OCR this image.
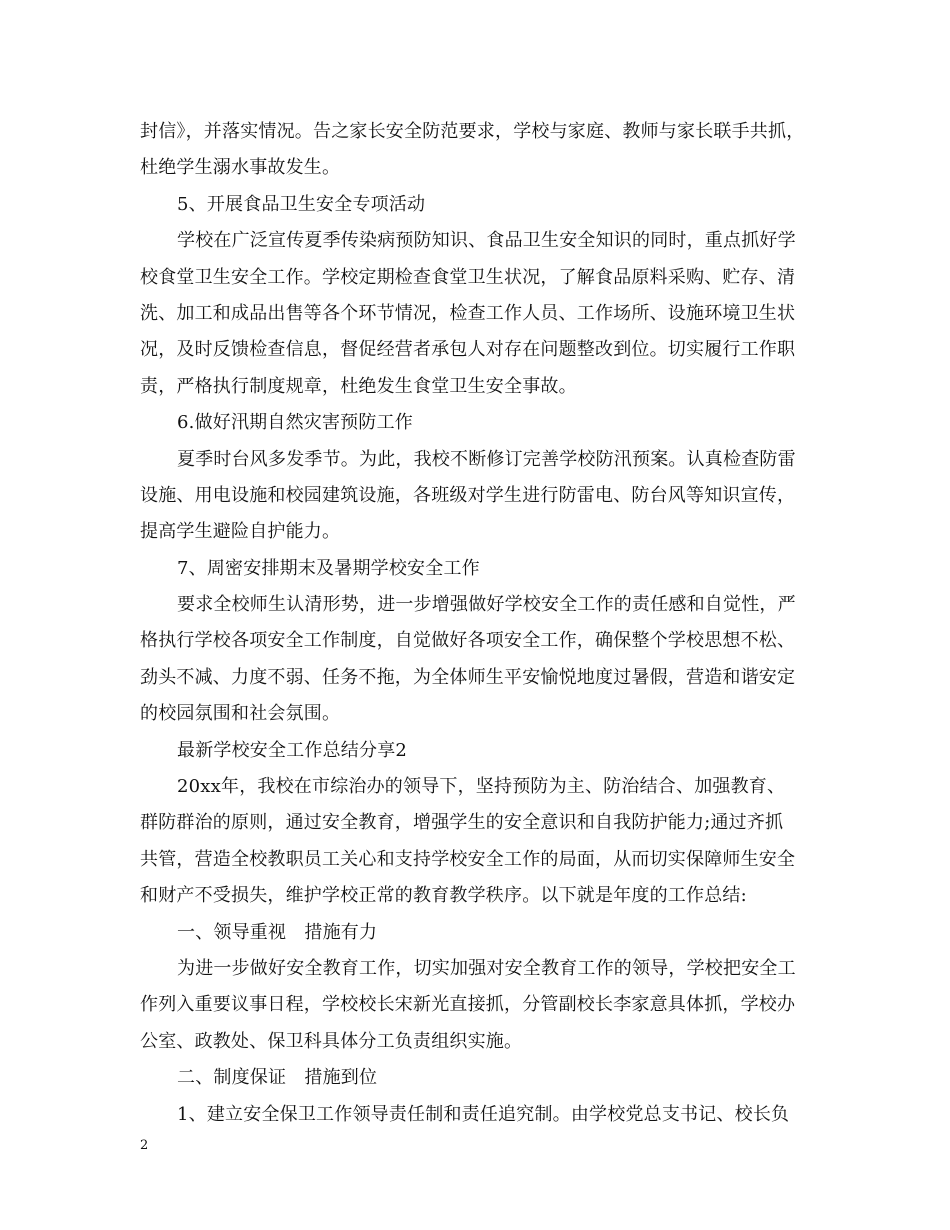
封信》，并落实情况。告之家长安全防范要求，学校与家庭、教师与家长联手共抓，
杜绝学生溺水事故发生。
5、开展食品卫生安全专项活动
学校在广泛宣传夏季传染病预防知识、食品卫生安全知识的同时，重点抓好学
校食堂卫生安全工作。学校定期检查食堂卫生状况，了解食品原料采购、贮存、清
洗、加工和成品出售等各个环节情况，检查工作人员、工作场所、设施环境卫生状
况，及时反馈检查信息，督促经营者承包人对存在问题整改到位。切实履行工作职
责，严格执行制度规章，杜绝发生食堂卫生安全事故。
6.做好汛期自然灾害预防工作
夏季时台风多发季节。为此，我校不断修订完善学校防汛预案。认真检查防雷
设施、用电设施和校园建筑设施，各班级对学生进行防雷电、防台风等知识宣传，
提高学生避险自护能力。
7、周密安排期末及暑期学校安全工作
要求全校师生认清形势，进一步增强做好学校安全工作的责任感和自觉性，严
格执行学校各项安全工作制度，自觉做好各项安全工作，确保整个学校思想不松、
劲头不减、力度不弱、任务不拖，为全体师生平安愉悦地度过暑假，营造和谐安定
的校园氛围和社会氛围。
最新学校安全工作总结分享2
20xx年，我校在市综治办的领导下，坚持预防为主、防治结合、加强教育、
群防群治的原则，通过安全教育，增强学生的安全意识和自我防护能力;通过齐抓
共管，营造全校教职员工关心和支持学校安全工作的局面，从而切实保障师生安全
和财产不受损失，维护学校正常的教育教学秩序。以下就是年度的工作总结:
一、领导重视　措施有力
为进一步做好安全教育工作，切实加强对安全教育工作的领导，学校把安全工
作列入重要议事日程，学校校长宋新光直接抓，分管副校长李家意具体抓，学校办
公室、政教处、保卫科具体分工负责组织实施。
二、制度保证　措施到位
1、建立安全保卫工作领导责任制和责任追究制。由学校党总支书记、校长负
2
